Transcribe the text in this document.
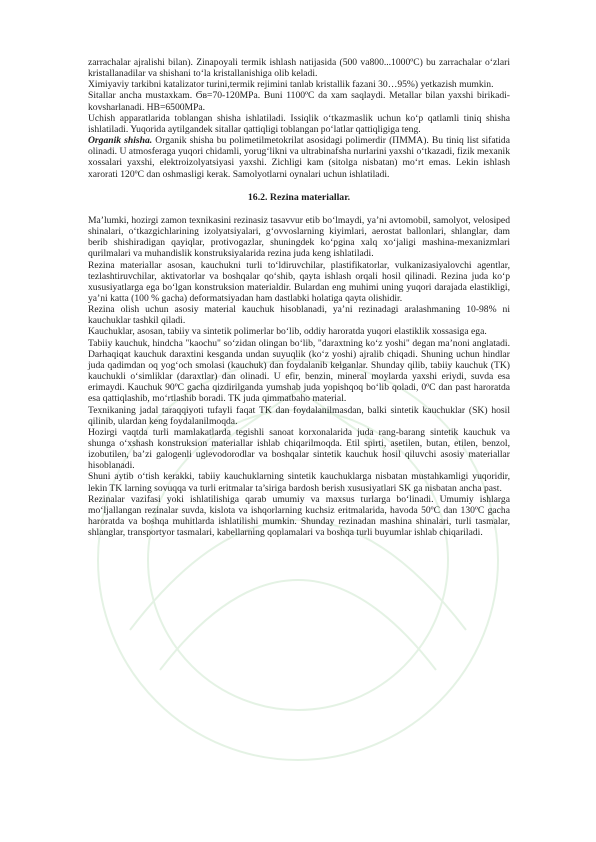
zarrachalar ajralishi bilan). Zinapoyali termik ishlash natijasida (500 va800...1000ºC) bu zarrachalar o‘zlari kristallanadilar va shishani to‘la kristallanishiga olib keladi.

Ximiyaviy tarkibni katalizator turini,termik rejimini tanlab kristallik fazani 30…95%) yetkazish mumkin.

Sitallar ancha mustaxkam. Ϭв=70-120MPa. Buni 1100ºC da xam saqlaydi. Metallar bilan yaxshi birikadi-kovsharlanadi. HB=6500MPa.

Uchish apparatlarida toblangan shisha ishlatiladi. Issiqlik o‘tkazmaslik uchun ko‘p qatlamli tiniq shisha ishlatiladi. Yuqorida aytilgandek sitallar qattiqligi toblangan po‘latlar qattiqligiga teng.

Organik shisha. Organik shisha bu polimetilmetokrilat asosidagi polimerdir (ПММА). Bu tiniq list sifatida olinadi. U atmosferaga yuqori chidamli, yorug‘likni va ultrabinafsha nurlarini yaxshi o‘tkazadi, fizik mexanik xossalari yaxshi, elektroizolyatsiyasi yaxshi. Zichligi kam (sitolga nisbatan) mo‘rt emas. Lekin ishlash xarorati 120ºC dan oshmasligi kerak. Samolyotlarni oynalari uchun ishlatiladi.

16.2. Rezina materiallar.

Ma’lumki, hozirgi zamon texnikasini rezinasiz tasavvur etib bo‘lmaydi, ya’ni avtomobil, samolyot, velosiped shinalari, o‘tkazgichlarining izolyatsiyalari, g‘ovvoslarning kiyimlari, aerostat ballonlari, shlanglar, dam berib shishiradigan qayiqlar, protivogazlar, shuningdek ko‘pgina xalq xo‘jaligi mashina-mexanizmlari qurilmalari va muhandislik konstruksiyalarida rezina juda keng ishlatiladi.

Rezina materiallar asosan, kauchukni turli to‘ldiruvchilar, plastifikatorlar, vulkanizasiyalovchi agentlar, tezlashtiruvchilar, aktivatorlar va boshqalar qo‘shib, qayta ishlash orqali hosil qilinadi. Rezina juda ko‘p xususiyatlarga ega bo‘lgan konstruksion materialdir. Bulardan eng muhimi uning yuqori darajada elastikligi, ya’ni katta (100 % gacha) deformatsiyadan ham dastlabki holatiga qayta olishidir.

Rezina olish uchun asosiy material kauchuk hisoblanadi, ya’ni rezinadagi aralashmaning 10-98% ni kauchuklar tashkil qiladi.

Kauchuklar, asosan, tabiiy va sintetik polimerlar bo‘lib, oddiy haroratda yuqori elastiklik xossasiga ega.

Tabiiy kauchuk, hindcha "kaochu" so‘zidan olingan bo‘lib, "daraxtning ko‘z yoshi" degan ma’noni anglatadi. Darhaqiqat kauchuk daraxtini kesganda undan suyuqlik (ko‘z yoshi) ajralib chiqadi. Shuning uchun hindlar juda qadimdan oq yog‘och smolasi (kauchuk) dan foydalanib kelganlar. Shunday qilib, tabiiy kauchuk (TK) kauchukli o‘simliklar (daraxtlar) dan olinadi. U efir, benzin, mineral moylarda yaxshi eriydi, suvda esa erimaydi. Kauchuk 90ºC gacha qizdirilganda yumshab juda yopishqoq bo‘lib qoladi, 0ºC dan past haroratda esa qattiqlashib, mo‘rtlashib boradi. TK juda qimmatbaho material.

Texnikaning jadal taraqqiyoti tufayli faqat TK dan foydalanilmasdan, balki sintetik kauchuklar (SK) hosil qilinib, ulardan keng foydalanilmoqda.

Hozirgi vaqtda turli mamlakatlarda tegishli sanoat korxonalarida juda rang-barang sintetik kauchuk va shunga o‘xshash konstruksion materiallar ishlab chiqarilmoqda. Etil spirti, asetilen, butan, etilen, benzol, izobutilen, ba’zi galogenli uglevodorodlar va boshqalar sintetik kauchuk hosil qiluvchi asosiy materiallar hisoblanadi.

Shuni aytib o‘tish kerakki, tabiiy kauchuklarning sintetik kauchuklarga nisbatan mustahkamligi yuqoridir, lekin TK larning sovuqqa va turli eritmalar ta’siriga bardosh berish xususiyatlari SK ga nisbatan ancha past.

Rezinalar vazifasi yoki ishlatilishiga qarab umumiy va maxsus turlarga bo‘linadi. Umumiy ishlarga mo‘ljallangan rezinalar suvda, kislota va ishqorlarning kuchsiz eritmalarida, havoda 50ºC dan 130ºC gacha haroratda va boshqa muhitlarda ishlatilishi mumkin. Shunday rezinadan mashina shinalari, turli tasmalar, shlanglar, transportyor tasmalari, kabellarning qoplamalari va boshqa turli buyumlar ishlab chiqariladi.
